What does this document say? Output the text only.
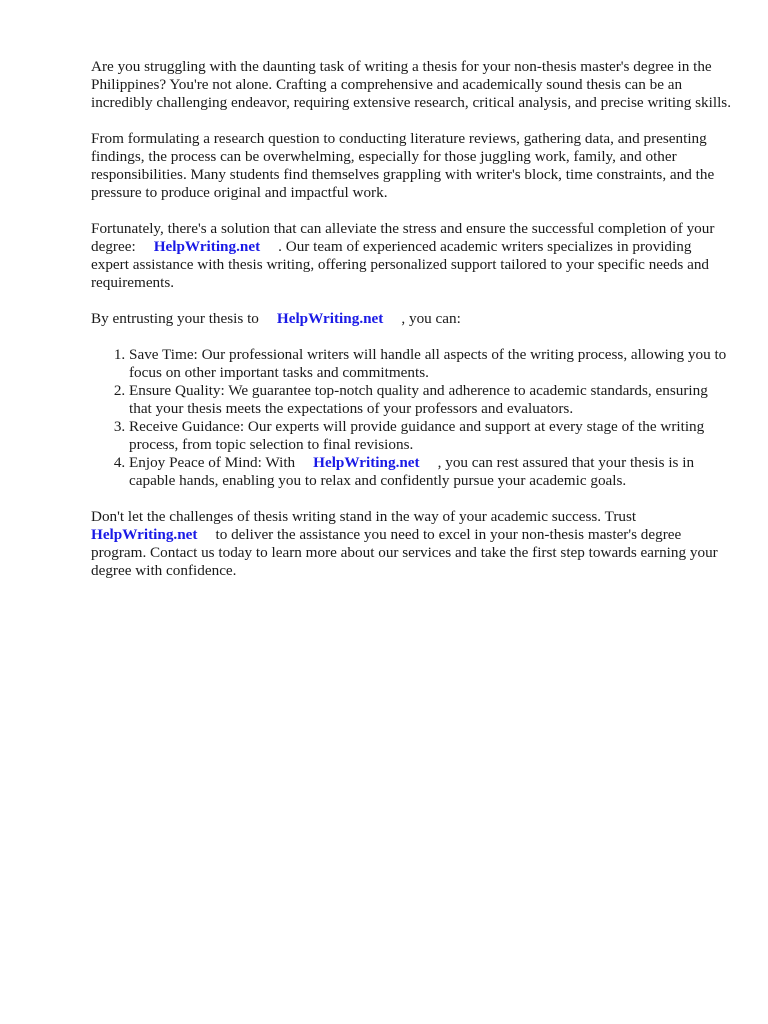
Are you struggling with the daunting task of writing a thesis for your non-thesis master's degree in the Philippines? You're not alone. Crafting a comprehensive and academically sound thesis can be an incredibly challenging endeavor, requiring extensive research, critical analysis, and precise writing skills.

From formulating a research question to conducting literature reviews, gathering data, and presenting findings, the process can be overwhelming, especially for those juggling work, family, and other responsibilities. Many students find themselves grappling with writer's block, time constraints, and the pressure to produce original and impactful work.

Fortunately, there's a solution that can alleviate the stress and ensure the successful completion of your degree: HelpWriting.net . Our team of experienced academic writers specializes in providing expert assistance with thesis writing, offering personalized support tailored to your specific needs and requirements.

By entrusting your thesis to HelpWriting.net , you can:

1. Save Time: Our professional writers will handle all aspects of the writing process, allowing you to focus on other important tasks and commitments.
2. Ensure Quality: We guarantee top-notch quality and adherence to academic standards, ensuring that your thesis meets the expectations of your professors and evaluators.
3. Receive Guidance: Our experts will provide guidance and support at every stage of the writing process, from topic selection to final revisions.
4. Enjoy Peace of Mind: With HelpWriting.net , you can rest assured that your thesis is in capable hands, enabling you to relax and confidently pursue your academic goals.

Don't let the challenges of thesis writing stand in the way of your academic success. Trust
HelpWriting.net to deliver the assistance you need to excel in your non-thesis master's degree program. Contact us today to learn more about our services and take the first step towards earning your degree with confidence.
